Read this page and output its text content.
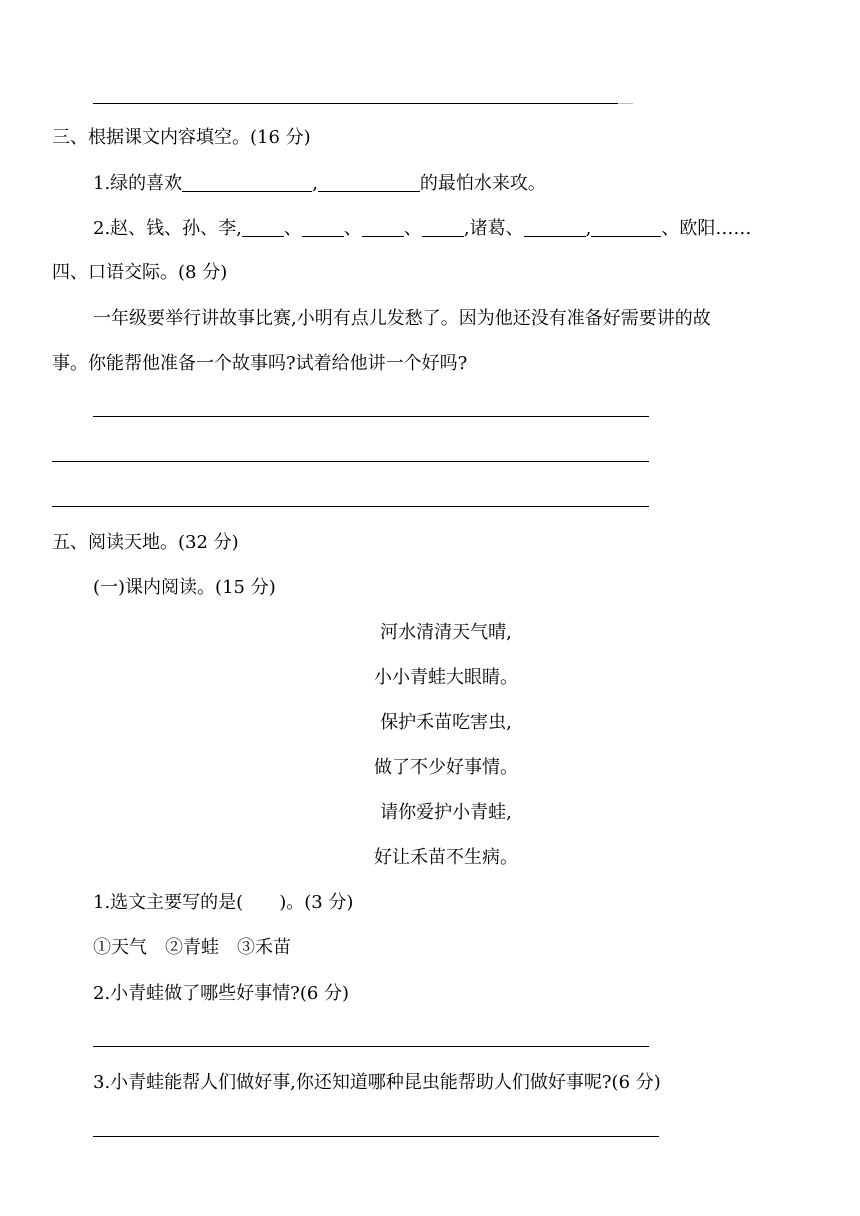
三、根据课文内容填空。(16 分)
1.绿的喜欢	,	的最怕水来攻。
2.赵、钱、孙、李, 、 、 、 ,诸葛、	,	、欧阳……
四、口语交际。(8 分)
一年级要举行讲故事比赛,小明有点儿发愁了。因为他还没有准备好需要讲的故
事。你能帮他准备一个故事吗?试着给他讲一个好吗?
五、阅读天地。(32 分)
(一)课内阅读。(15 分)
河水清清天气晴,
小小青蛙大眼睛。
保护禾苗吃害虫,
做了不少好事情。
请你爱护小青蛙,
好让禾苗不生病。
1.选文主要写的是(　　)。(3 分)
①天气　②青蛙　③禾苗
2.小青蛙做了哪些好事情?(6 分)
3.小青蛙能帮人们做好事,你还知道哪种昆虫能帮助人们做好事呢?(6 分)
